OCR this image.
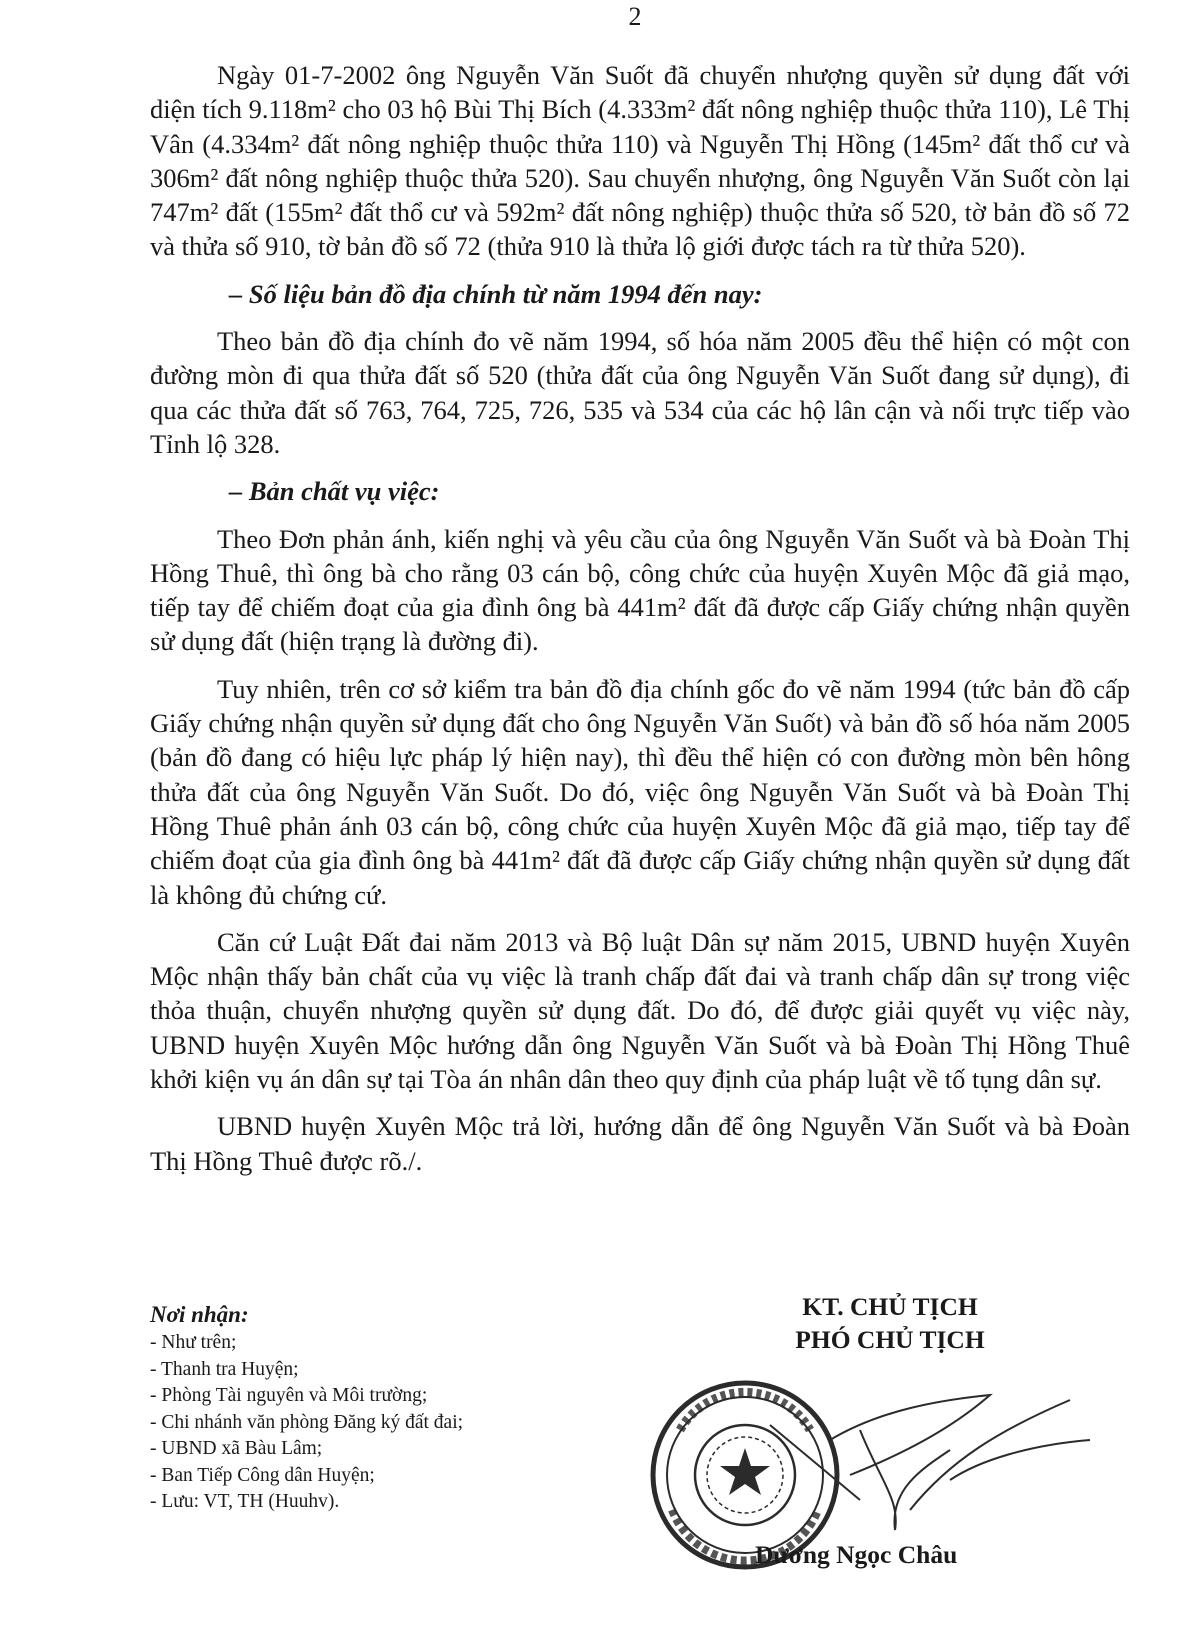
2

Ngày 01-7-2002 ông Nguyễn Văn Suốt đã chuyển nhượng quyền sử dụng đất với diện tích 9.118m² cho 03 hộ Bùi Thị Bích (4.333m² đất nông nghiệp thuộc thửa 110), Lê Thị Vân (4.334m² đất nông nghiệp thuộc thửa 110) và Nguyễn Thị Hồng (145m² đất thổ cư và 306m² đất nông nghiệp thuộc thửa 520). Sau chuyển nhượng, ông Nguyễn Văn Suốt còn lại 747m² đất (155m² đất thổ cư và 592m² đất nông nghiệp) thuộc thửa số 520, tờ bản đồ số 72 và thửa số 910, tờ bản đồ số 72 (thửa 910 là thửa lộ giới được tách ra từ thửa 520).

– Số liệu bản đồ địa chính từ năm 1994 đến nay:

Theo bản đồ địa chính đo vẽ năm 1994, số hóa năm 2005 đều thể hiện có một con đường mòn đi qua thửa đất số 520 (thửa đất của ông Nguyễn Văn Suốt đang sử dụng), đi qua các thửa đất số 763, 764, 725, 726, 535 và 534 của các hộ lân cận và nối trực tiếp vào Tỉnh lộ 328.

– Bản chất vụ việc:

Theo Đơn phản ánh, kiến nghị và yêu cầu của ông Nguyễn Văn Suốt và bà Đoàn Thị Hồng Thuê, thì ông bà cho rằng 03 cán bộ, công chức của huyện Xuyên Mộc đã giả mạo, tiếp tay để chiếm đoạt của gia đình ông bà 441m² đất đã được cấp Giấy chứng nhận quyền sử dụng đất (hiện trạng là đường đi).

Tuy nhiên, trên cơ sở kiểm tra bản đồ địa chính gốc đo vẽ năm 1994 (tức bản đồ cấp Giấy chứng nhận quyền sử dụng đất cho ông Nguyễn Văn Suốt) và bản đồ số hóa năm 2005 (bản đồ đang có hiệu lực pháp lý hiện nay), thì đều thể hiện có con đường mòn bên hông thửa đất của ông Nguyễn Văn Suốt. Do đó, việc ông Nguyễn Văn Suốt và bà Đoàn Thị Hồng Thuê phản ánh 03 cán bộ, công chức của huyện Xuyên Mộc đã giả mạo, tiếp tay để chiếm đoạt của gia đình ông bà 441m² đất đã được cấp Giấy chứng nhận quyền sử dụng đất là không đủ chứng cứ.

Căn cứ Luật Đất đai năm 2013 và Bộ luật Dân sự năm 2015, UBND huyện Xuyên Mộc nhận thấy bản chất của vụ việc là tranh chấp đất đai và tranh chấp dân sự trong việc thỏa thuận, chuyển nhượng quyền sử dụng đất. Do đó, để được giải quyết vụ việc này, UBND huyện Xuyên Mộc hướng dẫn ông Nguyễn Văn Suốt và bà Đoàn Thị Hồng Thuê khởi kiện vụ án dân sự tại Tòa án nhân dân theo quy định của pháp luật về tố tụng dân sự.

UBND huyện Xuyên Mộc trả lời, hướng dẫn để ông Nguyễn Văn Suốt và bà Đoàn Thị Hồng Thuê được rõ./.

Nơi nhận:
- Như trên;
- Thanh tra Huyện;
- Phòng Tài nguyên và Môi trường;
- Chi nhánh văn phòng Đăng ký đất đai;
- UBND xã Bàu Lâm;
- Ban Tiếp Công dân Huyện;
- Lưu: VT, TH (Huuhv).
KT. CHỦ TỊCH
PHÓ CHỦ TỊCH
Dương Ngọc Châu
